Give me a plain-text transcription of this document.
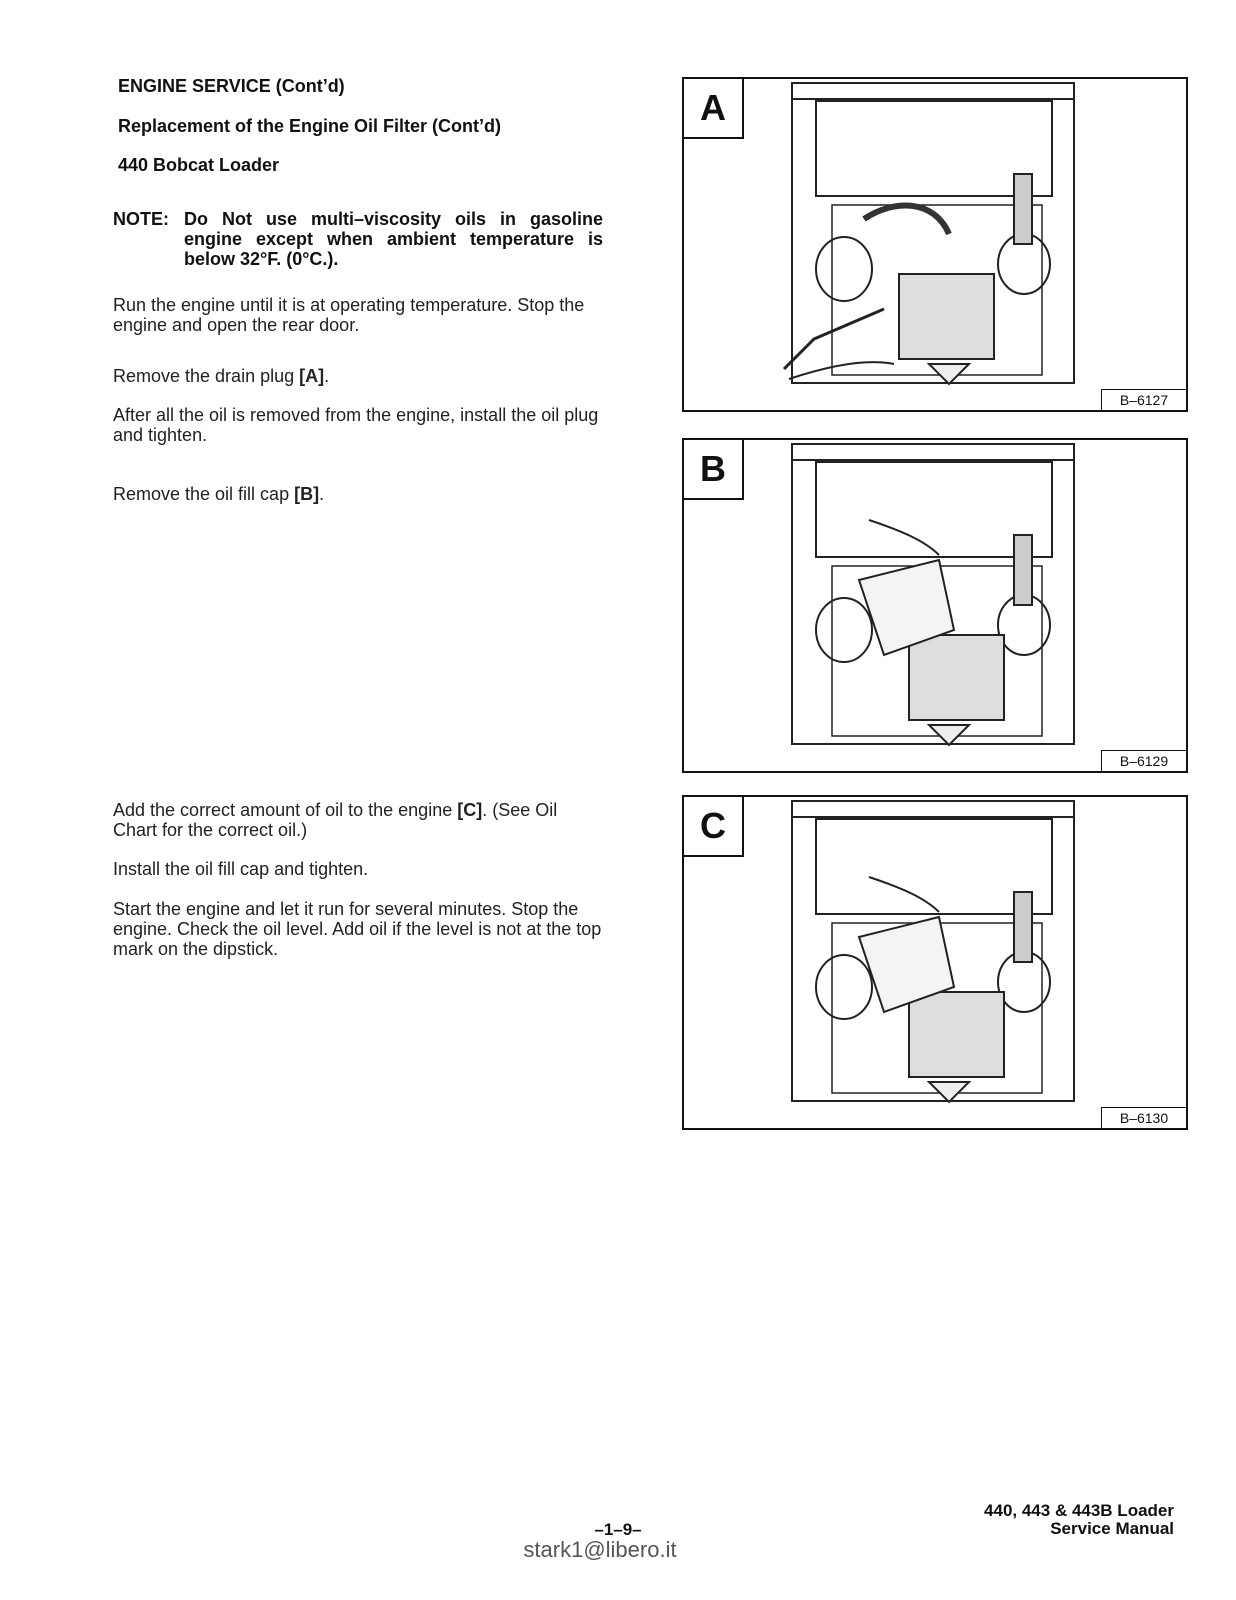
ENGINE SERVICE (Cont’d)
Replacement of the Engine Oil Filter (Cont’d)
440 Bobcat Loader
NOTE: Do Not use multi–viscosity oils in gasoline engine except when ambient temperature is below 32°F. (0°C.).
Run the engine until it is at operating temperature. Stop the engine and open the rear door.
Remove the drain plug [A].
After all the oil is removed from the engine, install the oil plug and tighten.
Remove the oil fill cap [B].
Add the correct amount of oil to the engine [C]. (See Oil Chart for the correct oil.)
Install the oil fill cap and tighten.
Start the engine and let it run for several minutes. Stop the engine. Check the oil level. Add oil if the level is not at the top mark on the dipstick.
A
B–6127
B
B–6129
C
B–6130
–1–9–
440, 443 & 443B Loader
Service Manual
stark1@libero.it
